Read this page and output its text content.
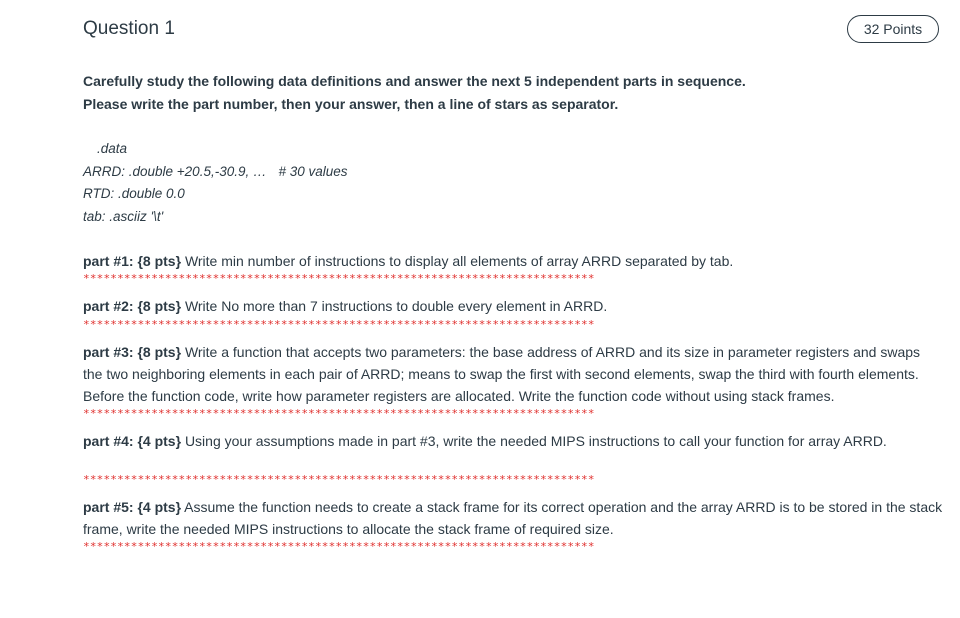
Question 1	32 Points

Carefully study the following data definitions and answer the next 5 independent parts in sequence.

Please write the part number, then your answer, then a line of stars as separator.

.data
ARRD: .double +20.5,-30.9, … # 30 values
RTD: .double 0.0
tab: .asciiz '\t'

part #1: {8 pts} Write min number of instructions to display all elements of array ARRD separated by tab.

***************************************************************************

part #2: {8 pts} Write No more than 7 instructions to double every element in ARRD.

***************************************************************************

part #3: {8 pts} Write a function that accepts two parameters: the base address of ARRD and its size in parameter registers and swaps the two neighboring elements in each pair of ARRD; means to swap the first with second elements, swap the third with fourth elements. Before the function code, write how parameter registers are allocated. Write the function code without using stack frames.

***************************************************************************

part #4: {4 pts} Using your assumptions made in part #3, write the needed MIPS instructions to call your function for array ARRD.

***************************************************************************

part #5: {4 pts} Assume the function needs to create a stack frame for its correct operation and the array ARRD is to be stored in the stack frame, write the needed MIPS instructions to allocate the stack frame of required size.

***************************************************************************
